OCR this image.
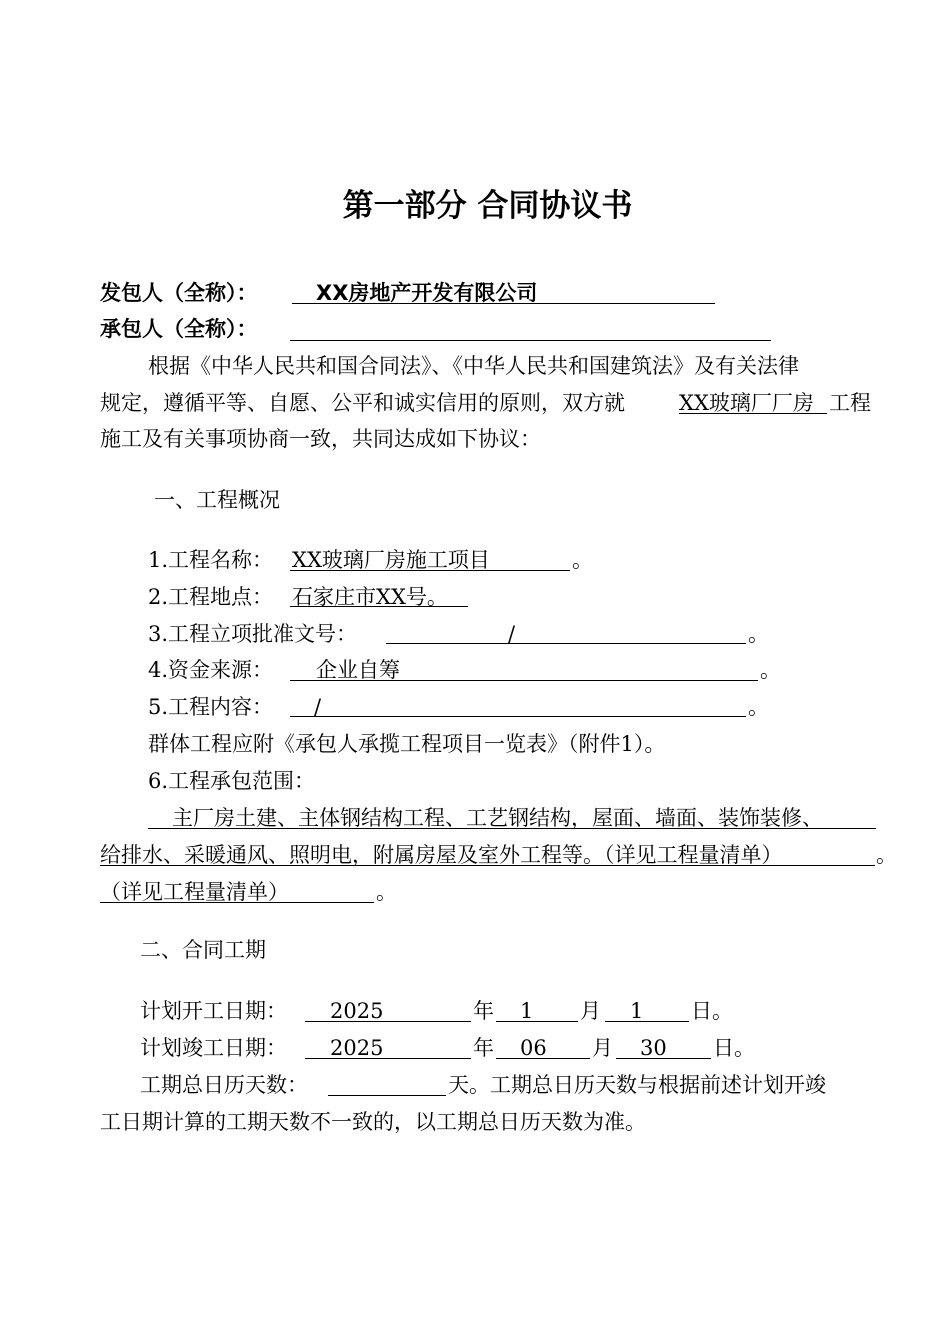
第一部分 合同协议书
发包人（全称）：	XX房地产开发有限公司
承包人（全称）：
根据《中华人民共和国合同法》、《中华人民共和国建筑法》及有关法律
规定，遵循平等、自愿、公平和诚实信用的原则，双方就	XX玻璃厂厂房 工程
施工及有关事项协商一致，共同达成如下协议：
一、工程概况
1.工程名称： XX玻璃厂房施工项目	。
2.工程地点： 石家庄市XX号。
3.工程立项批准文号：	/	。
4.资金来源： 企业自筹	。
5.工程内容： /	。
群体工程应附《承包人承揽工程项目一览表》（附件1）。
6.工程承包范围：
主厂房土建、主体钢结构工程、工艺钢结构，屋面、墙面、装饰装修、
给排水、采暖通风、照明电，附属房屋及室外工程等。（详见工程量清单）	。
（详见工程量清单）	。
二、合同工期
计划开工日期： 2025	年 1 月 1 日。
计划竣工日期： 2025	年 06 月 30 日。
工期总日历天数：	天。工期总日历天数与根据前述计划开竣
工日期计算的工期天数不一致的，以工期总日历天数为准。
